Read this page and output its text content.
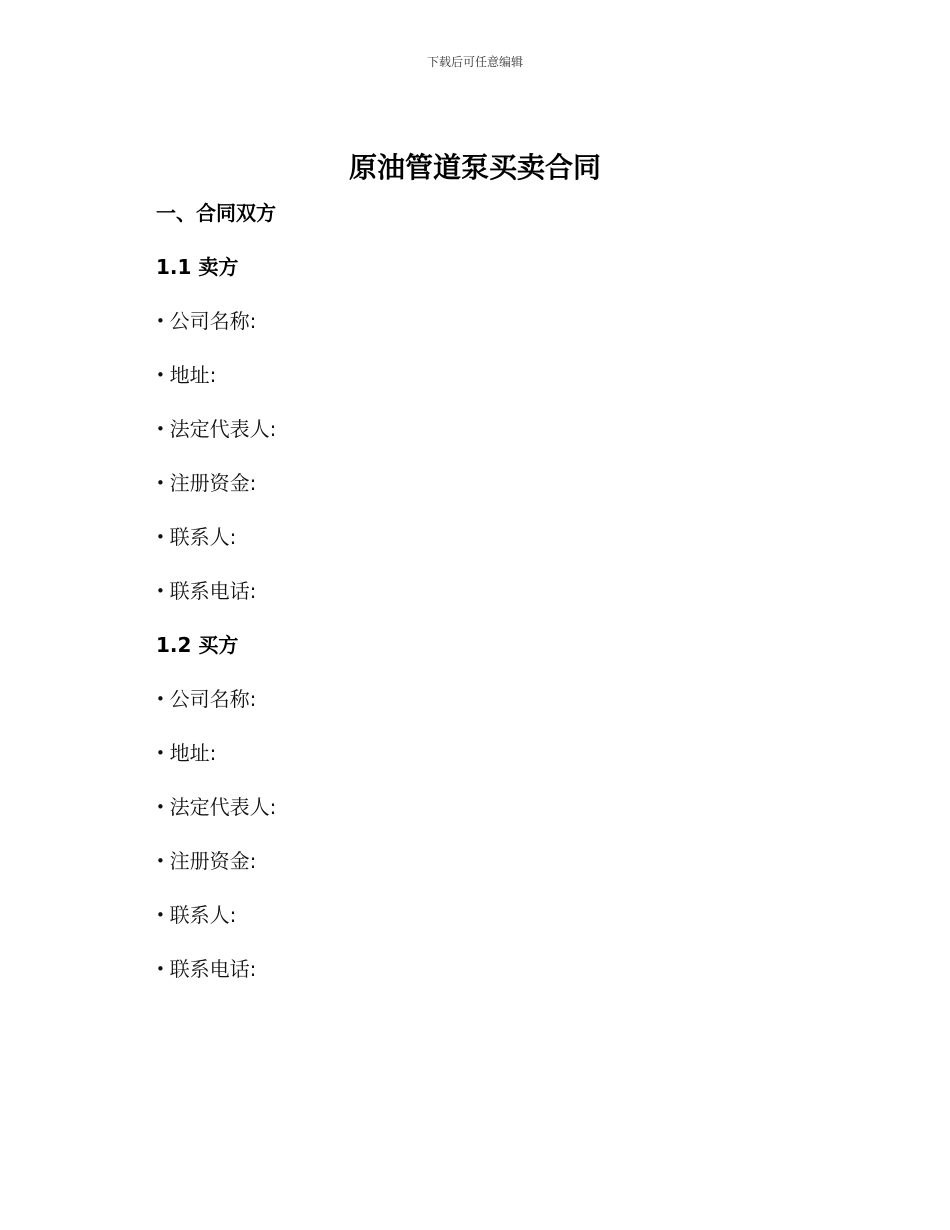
下载后可任意编辑
原油管道泵买卖合同
一、合同双方
1.1 卖方
• 公司名称:
• 地址:
• 法定代表人:
• 注册资金:
• 联系人:
• 联系电话:
1.2 买方
• 公司名称:
• 地址:
• 法定代表人:
• 注册资金:
• 联系人:
• 联系电话:
